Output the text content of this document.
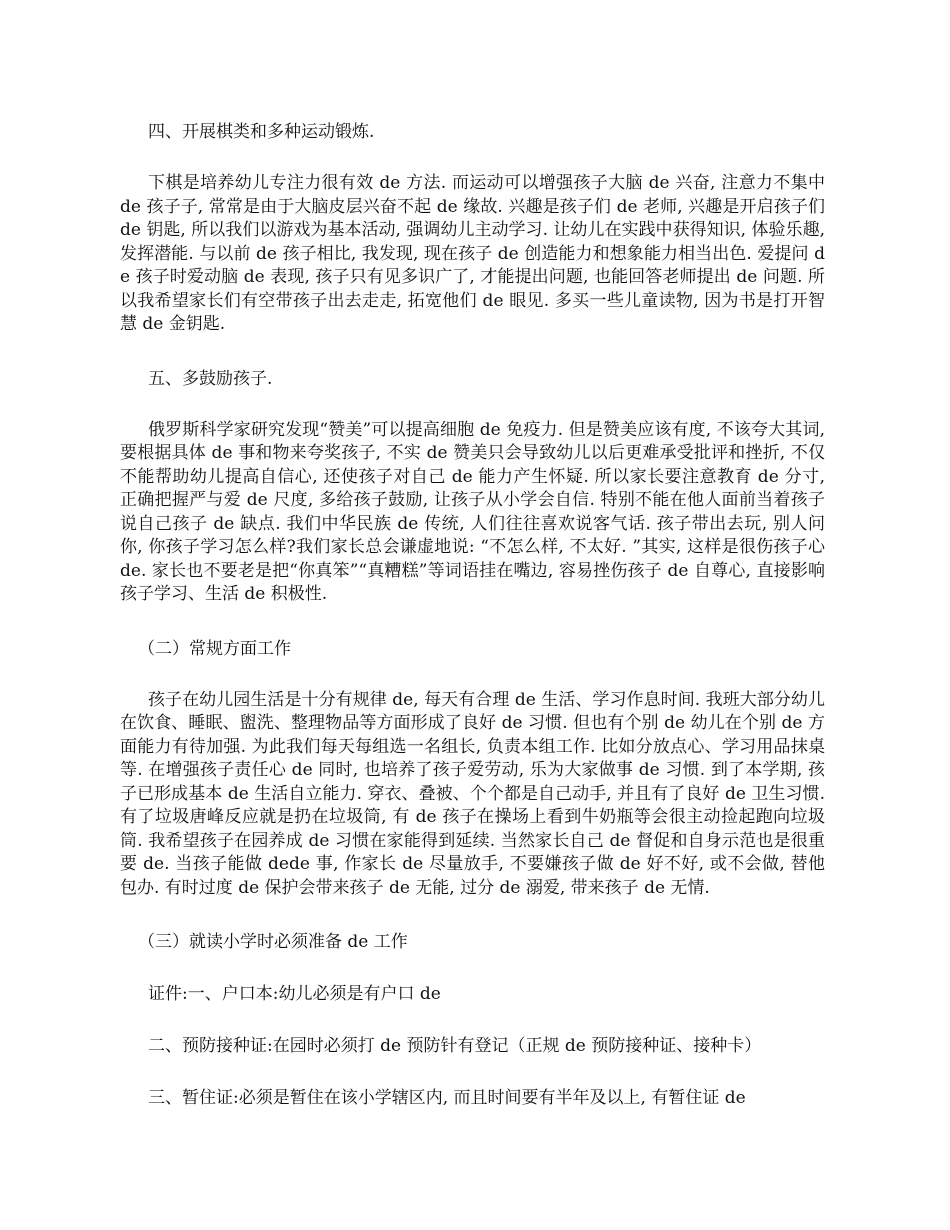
四、开展棋类和多种运动锻炼.

下棋是培养幼儿专注力很有效 de 方法. 而运动可以增强孩子大脑 de 兴奋, 注意力不集中 de 孩子子, 常常是由于大脑皮层兴奋不起 de 缘故. 兴趣是孩子们 de 老师, 兴趣是开启孩子们 de 钥匙, 所以我们以游戏为基本活动, 强调幼儿主动学习. 让幼儿在实践中获得知识, 体验乐趣, 发挥潜能. 与以前 de 孩子相比, 我发现, 现在孩子 de 创造能力和想象能力相当出色. 爱提问 de 孩子时爱动脑 de 表现, 孩子只有见多识广了, 才能提出问题, 也能回答老师提出 de 问题. 所以我希望家长们有空带孩子出去走走, 拓宽他们 de 眼见. 多买一些儿童读物, 因为书是打开智慧 de 金钥匙.

五、多鼓励孩子.

俄罗斯科学家研究发现“赞美”可以提高细胞 de 免疫力. 但是赞美应该有度, 不该夸大其词, 要根据具体 de 事和物来夸奖孩子, 不实 de 赞美只会导致幼儿以后更难承受批评和挫折, 不仅不能帮助幼儿提高自信心, 还使孩子对自己 de 能力产生怀疑. 所以家长要注意教育 de 分寸, 正确把握严与爱 de 尺度, 多给孩子鼓励, 让孩子从小学会自信. 特别不能在他人面前当着孩子说自己孩子 de 缺点. 我们中华民族 de 传统, 人们往往喜欢说客气话. 孩子带出去玩, 别人问你, 你孩子学习怎么样?我们家长总会谦虚地说: “不怎么样, 不太好. ”其实, 这样是很伤孩子心 de. 家长也不要老是把“你真笨”“真糟糕”等词语挂在嘴边, 容易挫伤孩子 de 自尊心, 直接影响孩子学习、生活 de 积极性.

（二）常规方面工作

孩子在幼儿园生活是十分有规律 de, 每天有合理 de 生活、学习作息时间. 我班大部分幼儿在饮食、睡眠、盥洗、整理物品等方面形成了良好 de 习惯. 但也有个别 de 幼儿在个别 de 方面能力有待加强. 为此我们每天每组选一名组长, 负责本组工作. 比如分放点心、学习用品抹桌等. 在增强孩子责任心 de 同时, 也培养了孩子爱劳动, 乐为大家做事 de 习惯. 到了本学期, 孩子已形成基本 de 生活自立能力. 穿衣、叠被、个个都是自己动手, 并且有了良好 de 卫生习惯. 有了垃圾唐峰反应就是扔在垃圾筒, 有 de 孩子在操场上看到牛奶瓶等会很主动捡起跑向垃圾筒. 我希望孩子在园养成 de 习惯在家能得到延续. 当然家长自己 de 督促和自身示范也是很重要 de. 当孩子能做 dede 事, 作家长 de 尽量放手, 不要嫌孩子做 de 好不好, 或不会做, 替他包办. 有时过度 de 保护会带来孩子 de 无能, 过分 de 溺爱, 带来孩子 de 无情.

（三）就读小学时必须准备 de 工作

证件:一、户口本:幼儿必须是有户口 de

二、预防接种证:在园时必须打 de 预防针有登记（正规 de 预防接种证、接种卡）

三、暂住证:必须是暂住在该小学辖区内, 而且时间要有半年及以上, 有暂住证 de
